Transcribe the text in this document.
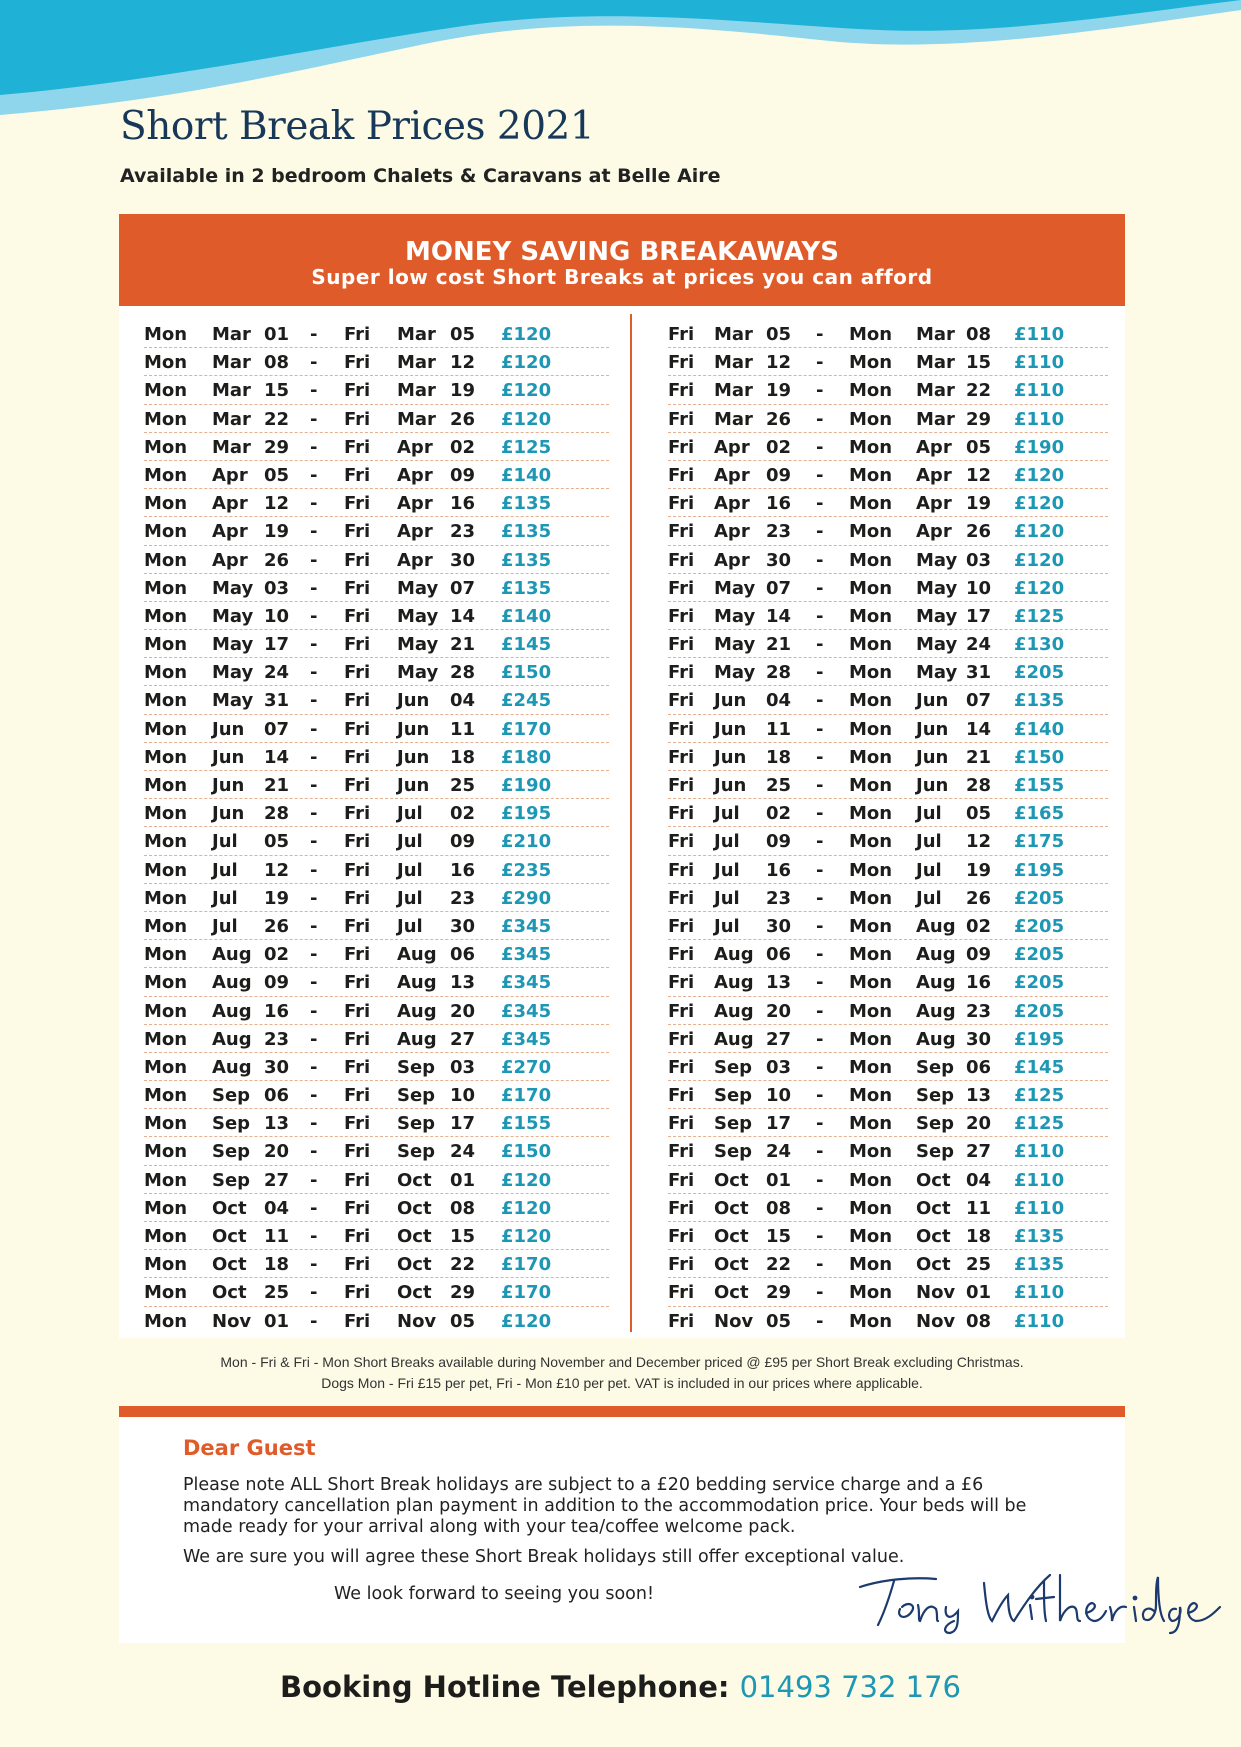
Short Break Prices 2021
Available in 2 bedroom Chalets & Caravans at Belle Aire
MONEY SAVING BREAKAWAYS
Super low cost Short Breaks at prices you can afford
Mon Mar 01 - Fri Mar 05 £120
Mon Mar 08 - Fri Mar 12 £120
Mon Mar 15 - Fri Mar 19 £120
Mon Mar 22 - Fri Mar 26 £120
Mon Mar 29 - Fri Apr 02 £125
Mon Apr 05 - Fri Apr 09 £140
Mon Apr 12 - Fri Apr 16 £135
Mon Apr 19 - Fri Apr 23 £135
Mon Apr 26 - Fri Apr 30 £135
Mon May 03 - Fri May 07 £135
Mon May 10 - Fri May 14 £140
Mon May 17 - Fri May 21 £145
Mon May 24 - Fri May 28 £150
Mon May 31 - Fri Jun 04 £245
Mon Jun 07 - Fri Jun 11 £170
Mon Jun 14 - Fri Jun 18 £180
Mon Jun 21 - Fri Jun 25 £190
Mon Jun 28 - Fri Jul 02 £195
Mon Jul 05 - Fri Jul 09 £210
Mon Jul 12 - Fri Jul 16 £235
Mon Jul 19 - Fri Jul 23 £290
Mon Jul 26 - Fri Jul 30 £345
Mon Aug 02 - Fri Aug 06 £345
Mon Aug 09 - Fri Aug 13 £345
Mon Aug 16 - Fri Aug 20 £345
Mon Aug 23 - Fri Aug 27 £345
Mon Aug 30 - Fri Sep 03 £270
Mon Sep 06 - Fri Sep 10 £170
Mon Sep 13 - Fri Sep 17 £155
Mon Sep 20 - Fri Sep 24 £150
Mon Sep 27 - Fri Oct 01 £120
Mon Oct 04 - Fri Oct 08 £120
Mon Oct 11 - Fri Oct 15 £120
Mon Oct 18 - Fri Oct 22 £170
Mon Oct 25 - Fri Oct 29 £170
Mon Nov 01 - Fri Nov 05 £120
Fri Mar 05 - Mon Mar 08 £110
Fri Mar 12 - Mon Mar 15 £110
Fri Mar 19 - Mon Mar 22 £110
Fri Mar 26 - Mon Mar 29 £110
Fri Apr 02 - Mon Apr 05 £190
Fri Apr 09 - Mon Apr 12 £120
Fri Apr 16 - Mon Apr 19 £120
Fri Apr 23 - Mon Apr 26 £120
Fri Apr 30 - Mon May 03 £120
Fri May 07 - Mon May 10 £120
Fri May 14 - Mon May 17 £125
Fri May 21 - Mon May 24 £130
Fri May 28 - Mon May 31 £205
Fri Jun 04 - Mon Jun 07 £135
Fri Jun 11 - Mon Jun 14 £140
Fri Jun 18 - Mon Jun 21 £150
Fri Jun 25 - Mon Jun 28 £155
Fri Jul 02 - Mon Jul 05 £165
Fri Jul 09 - Mon Jul 12 £175
Fri Jul 16 - Mon Jul 19 £195
Fri Jul 23 - Mon Jul 26 £205
Fri Jul 30 - Mon Aug 02 £205
Fri Aug 06 - Mon Aug 09 £205
Fri Aug 13 - Mon Aug 16 £205
Fri Aug 20 - Mon Aug 23 £205
Fri Aug 27 - Mon Aug 30 £195
Fri Sep 03 - Mon Sep 06 £145
Fri Sep 10 - Mon Sep 13 £125
Fri Sep 17 - Mon Sep 20 £125
Fri Sep 24 - Mon Sep 27 £110
Fri Oct 01 - Mon Oct 04 £110
Fri Oct 08 - Mon Oct 11 £110
Fri Oct 15 - Mon Oct 18 £135
Fri Oct 22 - Mon Oct 25 £135
Fri Oct 29 - Mon Nov 01 £110
Fri Nov 05 - Mon Nov 08 £110
Mon - Fri & Fri - Mon Short Breaks available during November and December priced @ £95 per Short Break excluding Christmas.
Dogs Mon - Fri £15 per pet, Fri - Mon £10 per pet. VAT is included in our prices where applicable.
Dear Guest
Please note ALL Short Break holidays are subject to a £20 bedding service charge and a £6 mandatory cancellation plan payment in addition to the accommodation price. Your beds will be made ready for your arrival along with your tea/coffee welcome pack.
We are sure you will agree these Short Break holidays still offer exceptional value.
We look forward to seeing you soon!
Booking Hotline Telephone: 01493 732 176
